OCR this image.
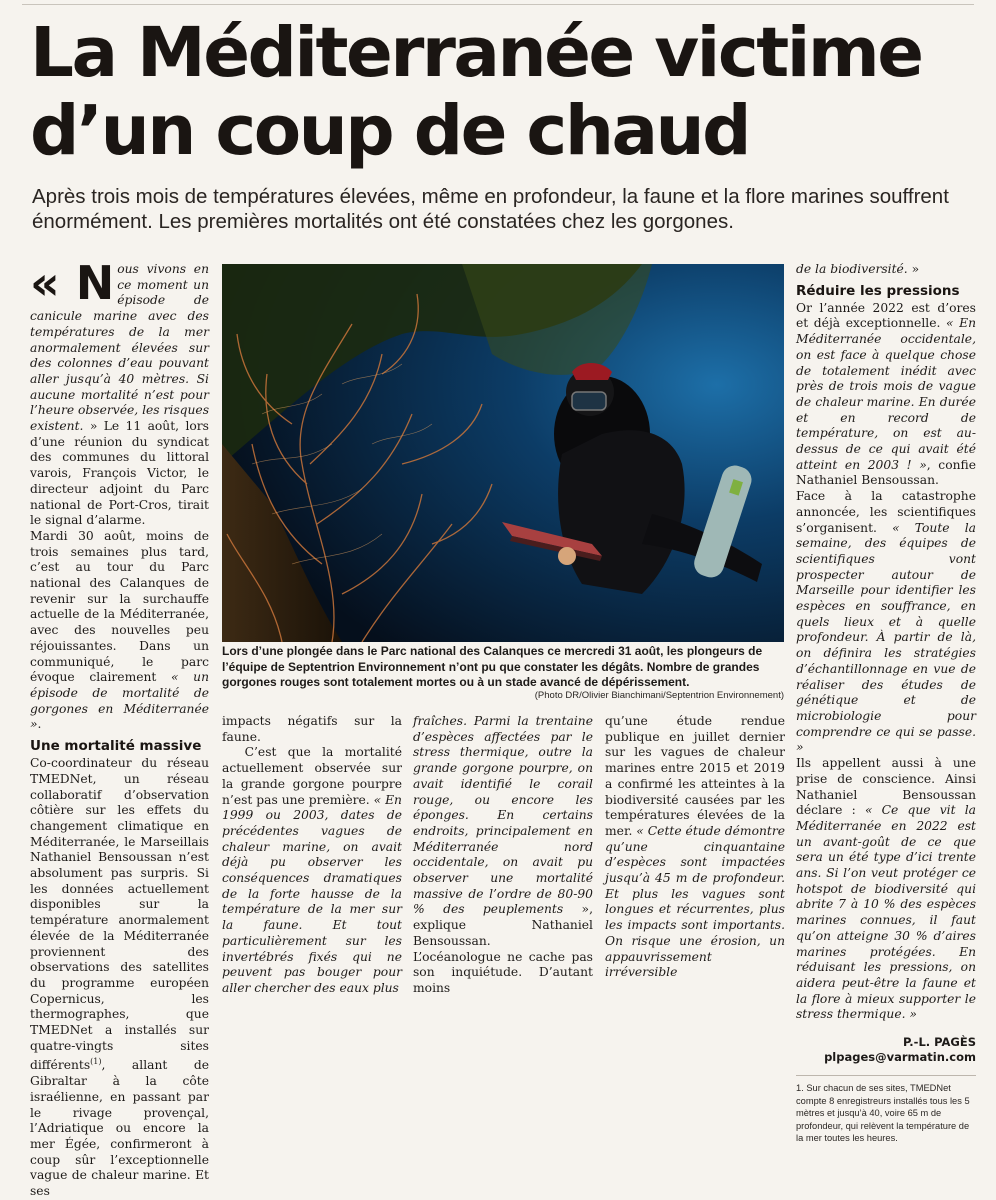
La Méditerranée victime d’un coup de chaud

Après trois mois de températures élevées, même en profondeur, la faune et la flore marines souffrent énormément. Les premières mortalités ont été constatées chez les gorgones.

« N ous vivons en ce moment un épisode de canicule marine avec des températures de la mer anormalement élevées sur des colonnes d’eau pouvant aller jusqu’à 40 mètres. Si aucune mortalité n’est pour l’heure observée, les risques existent. » Le 11 août, lors d’une réunion du syndicat des communes du littoral varois, François Victor, le directeur adjoint du Parc national de Port-Cros, tirait le signal d’alarme.

Mardi 30 août, moins de trois semaines plus tard, c’est au tour du Parc national des Calanques de revenir sur la surchauffe actuelle de la Méditerranée, avec des nouvelles peu réjouissantes. Dans un communiqué, le parc évoque clairement « un épisode de mortalité de gorgones en Méditerranée ».

Une mortalité massive

Co-coordinateur du réseau TMEDNet, un réseau collaboratif d’observation côtière sur les effets du changement climatique en Méditerranée, le Marseillais Nathaniel Bensoussan n’est absolument pas surpris. Si les données actuellement disponibles sur la température anormalement élevée de la Méditerranée proviennent des observations des satellites du programme européen Copernicus, les thermographes, que TMEDNet a installés sur quatre-vingts sites différents$^{(1)}$, allant de Gibraltar à la côte israélienne, en passant par le rivage provençal, l’Adriatique ou encore la mer Égée, confirmeront à coup sûr l’exceptionnelle vague de chaleur marine. Et ses

Lors d’une plongée dans le Parc national des Calanques ce mercredi 31 août, les plongeurs de l’équipe de Septentrion Environnement n’ont pu que constater les dégâts. Nombre de grandes gorgones rouges sont totalement mortes ou à un stade avancé de dépérissement.

(Photo DR/Olivier Bianchimani/Septentrion Environnement)

impacts négatifs sur la faune.

C’est que la mortalité actuellement observée sur la grande gorgone pourpre n’est pas une première. « En 1999 ou 2003, dates de précédentes vagues de chaleur marine, on avait déjà pu observer les conséquences dramatiques de la forte hausse de la température de la mer sur la faune. Et tout particulièrement sur les invertébrés fixés qui ne peuvent pas bouger pour aller chercher des eaux plus

fraîches. Parmi la trentaine d’espèces affectées par le stress thermique, outre la grande gorgone pourpre, on avait identifié le corail rouge, ou encore les éponges. En certains endroits, principalement en Méditerranée nord occidentale, on avait pu observer une mortalité massive de l’ordre de 80-90 % des peuplements », explique Nathaniel Bensoussan.

L’océanologue ne cache pas son inquiétude. D’autant moins

qu’une étude rendue publique en juillet dernier sur les vagues de chaleur marines entre 2015 et 2019 a confirmé les atteintes à la biodiversité causées par les températures élevées de la mer. « Cette étude démontre qu’une cinquantaine d’espèces sont impactées jusqu’à 45 m de profondeur. Et plus les vagues sont longues et récurrentes, plus les impacts sont importants. On risque une érosion, un appauvrissement irréversible

de la biodiversité. »

Réduire les pressions

Or l’année 2022 est d’ores et déjà exceptionnelle. « En Méditerranée occidentale, on est face à quelque chose de totalement inédit avec près de trois mois de vague de chaleur marine. En durée et en record de température, on est au-dessus de ce qui avait été atteint en 2003 ! », confie Nathaniel Bensoussan.

Face à la catastrophe annoncée, les scientifiques s’organisent. « Toute la semaine, des équipes de scientifiques vont prospecter autour de Marseille pour identifier les espèces en souffrance, en quels lieux et à quelle profondeur. À partir de là, on définira les stratégies d’échantillonnage en vue de réaliser des études de génétique et de microbiologie pour comprendre ce qui se passe. »

Ils appellent aussi à une prise de conscience. Ainsi Nathaniel Bensoussan déclare : « Ce que vit la Méditerranée en 2022 est un avant-goût de ce que sera un été type d’ici trente ans. Si l’on veut protéger ce hotspot de biodiversité qui abrite 7 à 10 % des espèces marines connues, il faut qu’on atteigne 30 % d’aires marines protégées. En réduisant les pressions, on aidera peut-être la faune et la flore à mieux supporter le stress thermique. »

P.-L. PAGÈS

plpages@varmatin.com

1. Sur chacun de ses sites, TMEDNet compte 8 enregistreurs installés tous les 5 mètres et jusqu’à 40, voire 65 m de profondeur, qui relèvent la température de la mer toutes les heures.
